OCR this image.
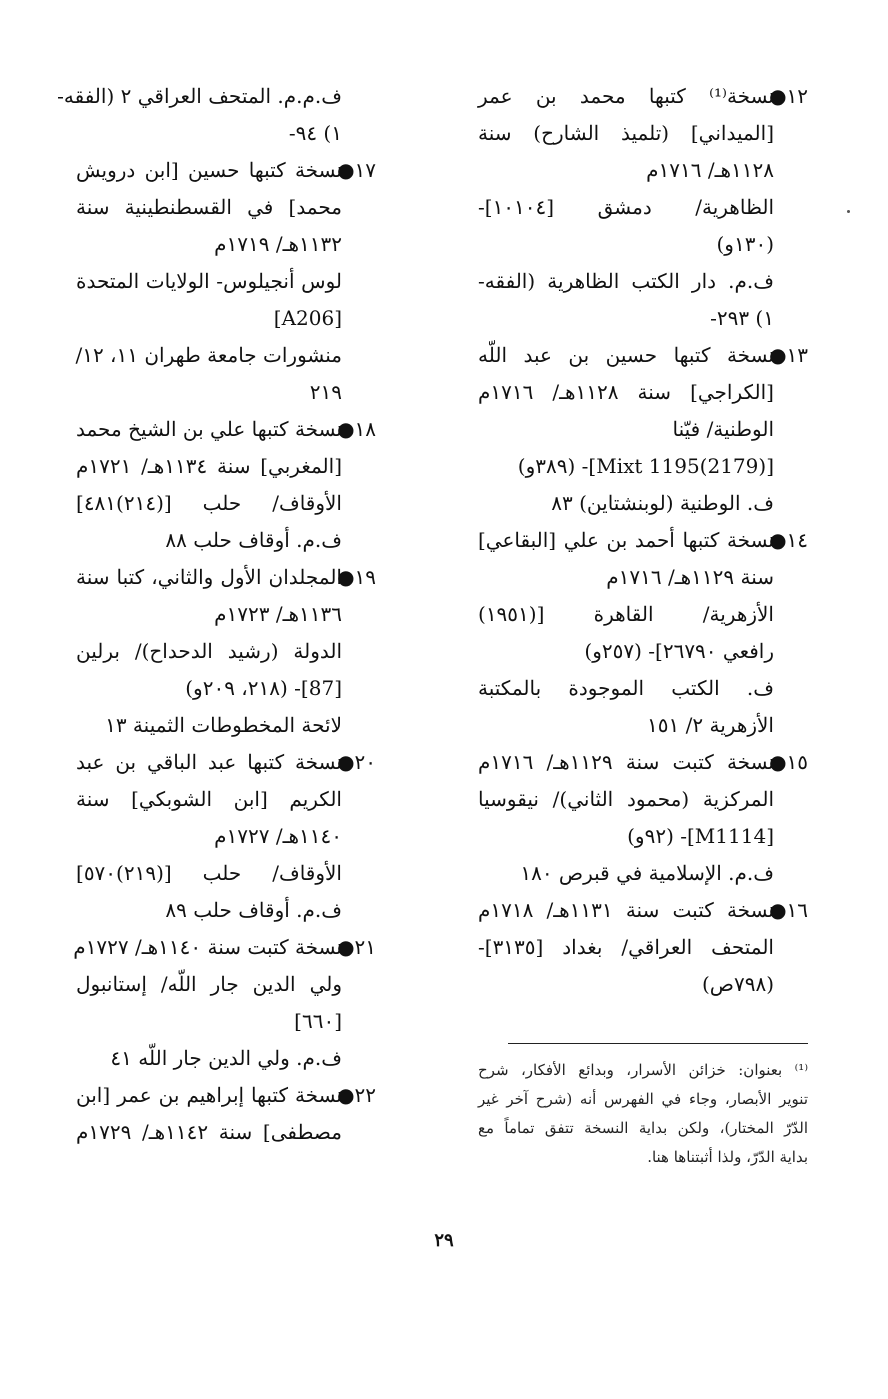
١٢●
نسخة⁽¹⁾ كتبها محمد بن عمر
[الميداني] (تلميذ الشارح) سنة
١١٢٨هـ/ ١٧١٦م
الظاهرية/ دمشق [١٠١٠٤]-
(١٣٠و)
ف.م. دار الكتب الظاهرية (الفقه-
١) ٢٩٣-
١٣●
نسخة كتبها حسين بن عبد اللّه
[الكراجي] سنة ١١٢٨هـ/ ١٧١٦م
الوطنية/ فيّنا
[Mixt 1195(2179)]- (٣٨٩و)
ف. الوطنية (لوبنشتاين) ٨٣
١٤●
نسخة كتبها أحمد بن علي [البقاعي]
سنة ١١٢٩هـ/ ١٧١٦م
الأزهرية/ القاهرة [(١٩٥١)
رافعي ٢٦٧٩٠]- (٢٥٧و)
ف. الكتب الموجودة بالمكتبة
الأزهرية ٢/ ١٥١
١٥●
نسخة كتبت سنة ١١٢٩هـ/ ١٧١٦م
المركزية (محمود الثاني)/ نيقوسيا
[M1114]- (٩٢و)
ف.م. الإسلامية في قبرص ١٨٠
١٦●
نسخة كتبت سنة ١١٣١هـ/ ١٧١٨م
المتحف العراقي/ بغداد [٣١٣٥]-
(٧٩٨ص)
ف.م.م. المتحف العراقي ٢ (الفقه-
١) ٩٤-
١٧●
نسخة كتبها حسين [ابن درويش
محمد] في القسطنطينية سنة
١١٣٢هـ/ ١٧١٩م
لوس أنجيلوس- الولايات المتحدة
[A206]
منشورات جامعة طهران ١١، ١٢/
٢١٩
١٨●
نسخة كتبها علي بن الشيخ محمد
[المغربي] سنة ١١٣٤هـ/ ١٧٢١م
الأوقاف/ حلب [(٢١٤)٤٨١]
ف.م. أوقاف حلب ٨٨
١٩●
المجلدان الأول والثاني، كتبا سنة
١١٣٦هـ/ ١٧٢٣م
الدولة (رشيد الدحداح)/ برلين
[87]- (٢١٨، ٢٠٩و)
لائحة المخطوطات الثمينة ١٣
٢٠●
نسخة كتبها عبد الباقي بن عبد
الكريم [ابن الشوبكي] سنة
١١٤٠هـ/ ١٧٢٧م
الأوقاف/ حلب [(٢١٩)٥٧٠]
ف.م. أوقاف حلب ٨٩
٢١●
نسخة كتبت سنة ١١٤٠هـ/ ١٧٢٧م
ولي الدين جار اللّه/ إستانبول
[٦٦٠]
ف.م. ولي الدين جار اللّه ٤١
٢٢●
نسخة كتبها إبراهيم بن عمر [ابن
مصطفى] سنة ١١٤٢هـ/ ١٧٢٩م
⁽¹⁾ بعنوان: خزائن الأسرار، وبدائع الأفكار، شرح
تنوير الأبصار، وجاء في الفهرس أنه (شرح آخر غير
الدّرّ المختار)، ولكن بداية النسخة تتفق تماماً مع
بداية الدّرّ، ولذا أثبتناها هنا.
٢٩
